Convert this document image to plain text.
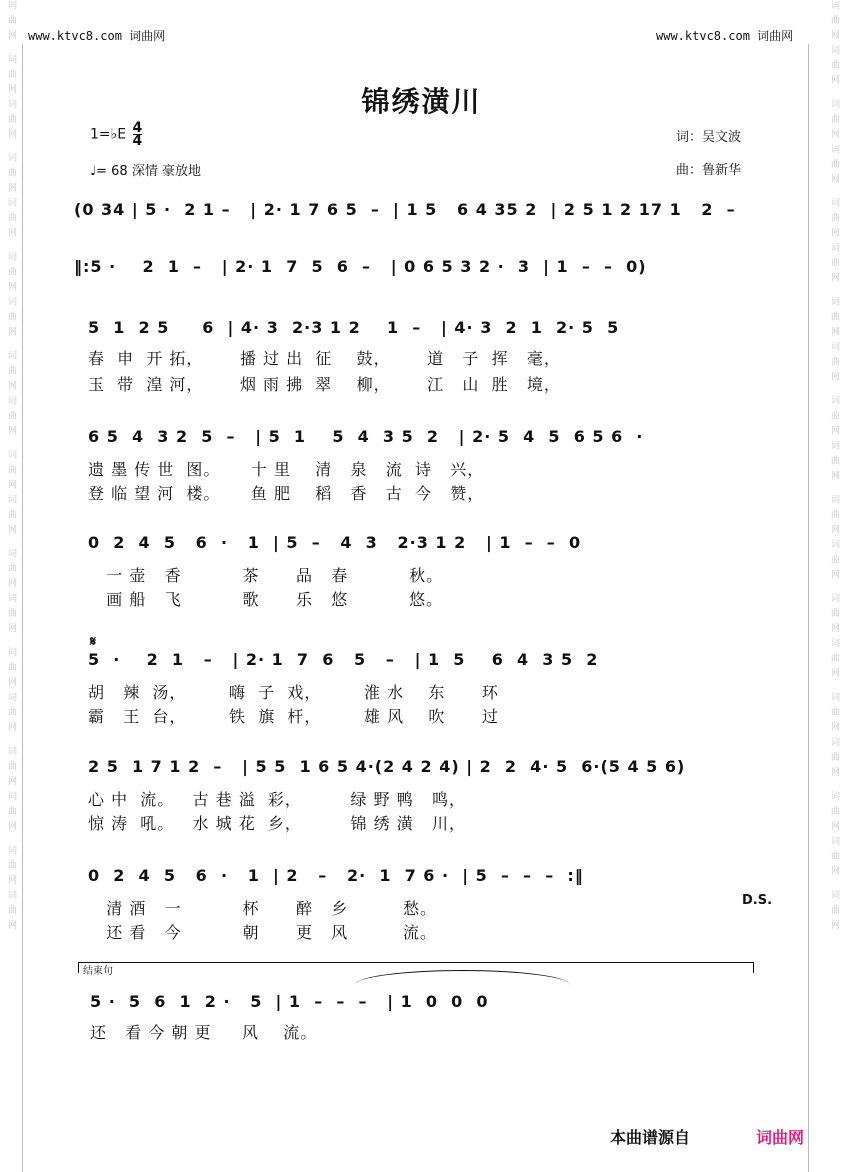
词曲网 词曲网词曲网 词曲网词曲网 词曲网词曲网 词曲网词曲网 词曲网词曲网 词曲网词曲网 词曲网词曲网 词曲网词曲网 词曲网词曲网
词曲网词曲网 词曲网词曲网 词曲网词曲网 词曲网词曲网 词曲网词曲网 词曲网词曲网 词曲网词曲网 词曲网词曲网 词曲网词曲网 词曲网
www.ktvc8.com 词曲网	www.ktvc8.com 词曲网
锦绣潢川
1=♭E $\frac{4}{4}$
♩= 68 深情 豪放地
词：吴文波
曲：鲁新华
(0 34 | 5 ·  2 1 –   | 2· 1 7 6 5  –  | 1 5   6 4 35 2  | 2 5 1 2 17 1   2  –
‖:5 ·    2  1  –   | 2· 1  7  5  6  –   | 0 6 5 3 2 ·  3  | 1  –  –  0)
5  1  2 5     6  | 4· 3  2·3 1 2    1  –   | 4· 3  2  1  2· 5  5
春  申  开 拓，      播 过 出  征    鼓，      道   子  挥   毫，
玉  带  湟 河，      烟 雨 拂  翠    柳，      江   山  胜   境，
6 5  4  3 2  5  –   | 5  1    5  4  3 5  2   | 2· 5  4  5  6 5 6  ·
遗 墨 传 世  图。     十 里    清   泉   流  诗   兴，
登 临 望 河  楼。     鱼 肥    稻   香   古  今   赞，
0  2  4  5   6  ·   1  | 5  –   4  3   2·3 1 2   | 1  –  –  0
一 壶   香          茶      品   春          秋。
画 船   飞          歌      乐   悠          悠。
𝄋
5  ·    2  1   –   | 2· 1  7  6   5   –   | 1  5    6  4  3 5  2
胡   辣  汤，       嗨  子  戏，       淮 水    东      环
霸   王  台，       铁  旗  杆，       雄 风    吹      过
2 5  1 7 1 2  –   | 5 5  1 6 5 4·(2 4 2 4) | 2  2  4· 5  6·(5 4 5 6)
心 中  流。   古 巷 溢  彩，        绿 野 鸭   鸣，
惊 涛  吼。   水 城 花  乡，        锦 绣 潢   川，
0  2  4  5   6  ·   1  | 2   –   2·  1  7 6 ·  | 5  –  –  –  :‖
清 酒   一          杯      醉   乡         愁。
还 看   今          朝      更   风         流。
D.S.
结束句
5 ·  5  6  1  2 ·   5  | 1  –  –  –   | 1  0  0  0
还   看 今 朝 更     风    流。
本曲谱源自	词曲网
